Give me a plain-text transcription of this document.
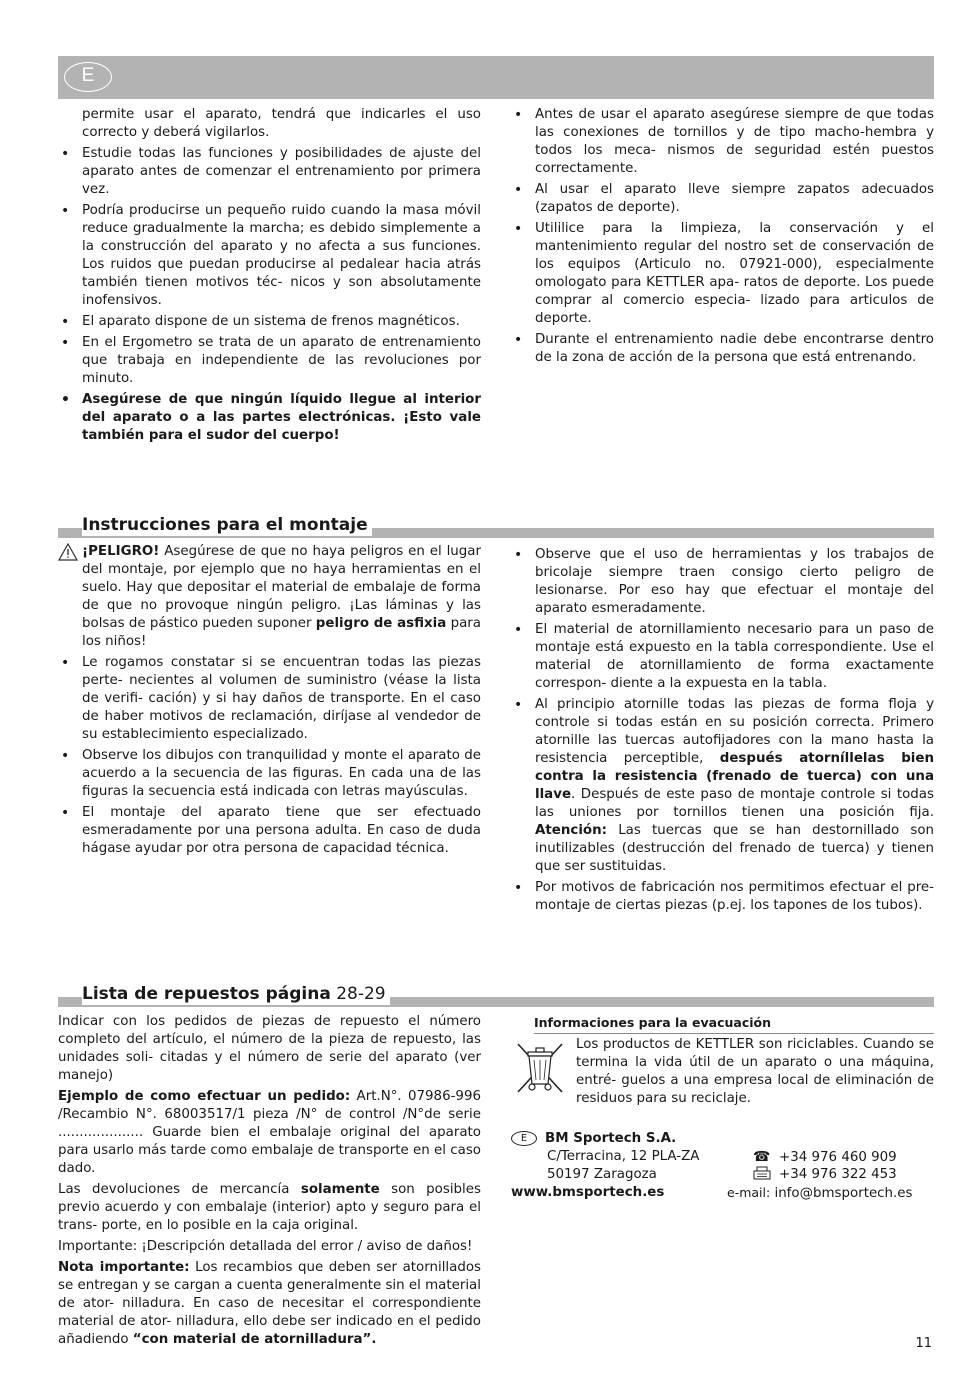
E
permite usar el aparato, tendrá que indicarles el uso correcto y deberá vigilarlos.
• Estudie todas las funciones y posibilidades de ajuste del aparato antes de comenzar el entrenamiento por primera vez.
• Podría producirse un pequeño ruido cuando la masa móvil reduce gradualmente la marcha; es debido simplemente a la construcción del aparato y no afecta a sus funciones. Los ruidos que puedan producirse al pedalear hacia atrás también tienen motivos téc- nicos y son absolutamente inofensivos.
• El aparato dispone de un sistema de frenos magnéticos.
• En el Ergometro se trata de un aparato de entrenamiento que trabaja en independiente de las revoluciones por minuto.
• Asegúrese de que ningún líquido llegue al interior del aparato o a las partes electrónicas. ¡Esto vale también para el sudor del cuerpo!
• Antes de usar el aparato asegúrese siempre de que todas las conexiones de tornillos y de tipo macho-hembra y todos los meca- nismos de seguridad estén puestos correctamente.
• Al usar el aparato lleve siempre zapatos adecuados (zapatos de deporte).
• Utililice para la limpieza, la conservación y el mantenimiento regular del nostro set de conservación de los equipos (Articulo no. 07921-000), especialmente omologato para KETTLER apa- ratos de deporte. Los puede comprar al comercio especia- lizado para articulos de deporte.
• Durante el entrenamiento nadie debe encontrarse dentro de la zona de acción de la persona que está entrenando.
Instrucciones para el montaje
¡PELIGRO! Asegúrese de que no haya peligros en el lugar del montaje, por ejemplo que no haya herramientas en el suelo. Hay que depositar el material de embalaje de forma de que no provoque ningún peligro. ¡Las láminas y las bolsas de pástico pueden suponer peligro de asfixia para los niños!
• Le rogamos constatar si se encuentran todas las piezas perte- necientes al volumen de suministro (véase la lista de verifi- cación) y si hay daños de transporte. En el caso de haber motivos de reclamación, diríjase al vendedor de su establecimiento especializado.
• Observe los dibujos con tranquilidad y monte el aparato de acuerdo a la secuencia de las figuras. En cada una de las figuras la secuencia está indicada con letras mayúsculas.
• El montaje del aparato tiene que ser efectuado esmeradamente por una persona adulta. En caso de duda hágase ayudar por otra persona de capacidad técnica.
• Observe que el uso de herramientas y los trabajos de bricolaje siempre traen consigo cierto peligro de lesionarse. Por eso hay que efectuar el montaje del aparato esmeradamente.
• El material de atornillamiento necesario para un paso de montaje está expuesto en la tabla correspondiente. Use el material de atornillamiento de forma exactamente correspon- diente a la expuesta en la tabla.
• Al principio atornille todas las piezas de forma floja y controle si todas están en su posición correcta. Primero atornille las tuercas autofijadores con la mano hasta la resistencia perceptible, después atorníllelas bien contra la resistencia (frenado de tuerca) con una llave. Después de este paso de montaje controle si todas las uniones por tornillos tienen una posición fija. Atención: Las tuercas que se han destornillado son inutilizables (destrucción del frenado de tuerca) y tienen que ser sustituidas.
• Por motivos de fabricación nos permitimos efectuar el pre- montaje de ciertas piezas (p.ej. los tapones de los tubos).
Lista de repuestos página 28-29

Indicar con los pedidos de piezas de repuesto el número completo del artículo, el número de la pieza de repuesto, las unidades soli- citadas y el número de serie del aparato (ver manejo)

Ejemplo de como efectuar un pedido: Art.N°. 07986-996 /Recambio N°. 68003517/1 pieza /N° de control /N°de serie .................... Guarde bien el embalaje original del aparato para usarlo más tarde como embalaje de transporte en el caso dado.

Las devoluciones de mercancía solamente son posibles previo acuerdo y con embalaje (interior) apto y seguro para el trans- porte, en lo posible en la caja original.

Importante: ¡Descripción detallada del error / aviso de daños!

Nota importante: Los recambios que deben ser atornillados se entregan y se cargan a cuenta generalmente sin el material de ator- nilladura. En caso de necesitar el correspondiente material de ator- nilladura, ello debe ser indicado en el pedido añadiendo “con material de atornilladura”.

Informaciones para la evacuación

Los productos de KETTLER son riciclables. Cuando se termina la vida útil de un aparato o una máquina, entré- guelos a una empresa local de eliminación de residuos para su reciclaje.

E BM Sportech S.A.
C/Terracina, 12 PLA-ZA
50197 Zaragoza
www.bmsportech.es
☎ +34 976 460 909
+34 976 322 453
e-mail: info@bmsportech.es
11
